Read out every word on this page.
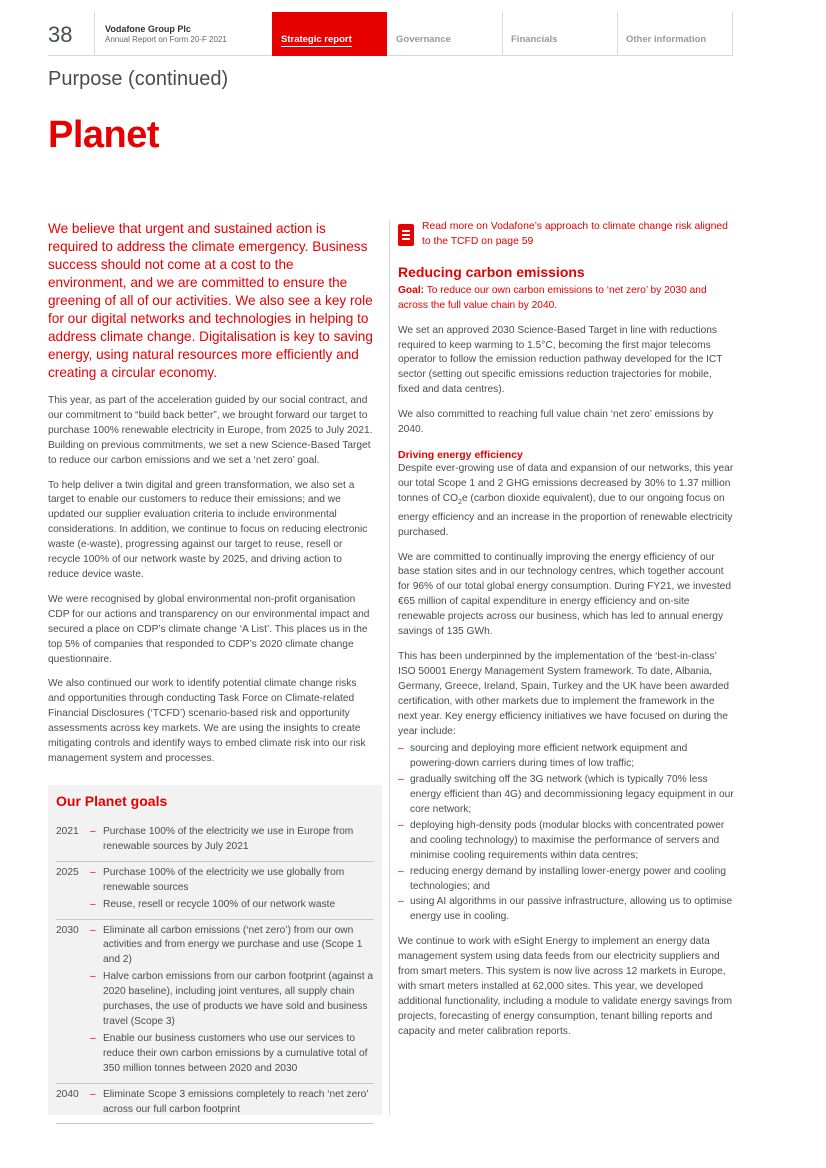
38	Vodafone Group Plc
Annual Report on Form 20-F 2021	Strategic report	Governance	Financials	Other information
Purpose (continued)
Planet
We believe that urgent and sustained action is required to address the climate emergency. Business success should not come at a cost to the environment, and we are committed to ensure the greening of all of our activities. We also see a key role for our digital networks and technologies in helping to address climate change. Digitalisation is key to saving energy, using natural resources more efficiently and creating a circular economy.
This year, as part of the acceleration guided by our social contract, and our commitment to “build back better”, we brought forward our target to purchase 100% renewable electricity in Europe, from 2025 to July 2021. Building on previous commitments, we set a new Science-Based Target to reduce our carbon emissions and we set a ‘net zero’ goal.
To help deliver a twin digital and green transformation, we also set a target to enable our customers to reduce their emissions; and we updated our supplier evaluation criteria to include environmental considerations. In addition, we continue to focus on reducing electronic waste (e-waste), progressing against our target to reuse, resell or recycle 100% of our network waste by 2025, and driving action to reduce device waste.
We were recognised by global environmental non-profit organisation CDP for our actions and transparency on our environmental impact and secured a place on CDP’s climate change ‘A List’. This places us in the top 5% of companies that responded to CDP’s 2020 climate change questionnaire.
We also continued our work to identify potential climate change risks and opportunities through conducting Task Force on Climate-related Financial Disclosures (‘TCFD’) scenario-based risk and opportunity assessments across key markets. We are using the insights to create mitigating controls and identify ways to embed climate risk into our risk management system and processes.
Our Planet goals
2021	– Purchase 100% of the electricity we use in Europe from renewable sources by July 2021
2025	– Purchase 100% of the electricity we use globally from renewable sources
– Reuse, resell or recycle 100% of our network waste
2030	– Eliminate all carbon emissions (‘net zero’) from our own activities and from energy we purchase and use (Scope 1 and 2)
– Halve carbon emissions from our carbon footprint (against a 2020 baseline), including joint ventures, all supply chain purchases, the use of products we have sold and business travel (Scope 3)
– Enable our business customers who use our services to reduce their own carbon emissions by a cumulative total of 350 million tonnes between 2020 and 2030
2040	– Eliminate Scope 3 emissions completely to reach ‘net zero’ across our full carbon footprint
Read more on Vodafone’s approach to climate change risk aligned to the TCFD on page 59
Reducing carbon emissions
Goal: To reduce our own carbon emissions to ‘net zero’ by 2030 and across the full value chain by 2040.
We set an approved 2030 Science-Based Target in line with reductions required to keep warming to 1.5°C, becoming the first major telecoms operator to follow the emission reduction pathway developed for the ICT sector (setting out specific emissions reduction trajectories for mobile, fixed and data centres).
We also committed to reaching full value chain ‘net zero’ emissions by 2040.
Driving energy efficiency
Despite ever-growing use of data and expansion of our networks, this year our total Scope 1 and 2 GHG emissions decreased by 30% to 1.37 million tonnes of $CO_2e$ (carbon dioxide equivalent), due to our ongoing focus on energy efficiency and an increase in the proportion of renewable electricity purchased.
We are committed to continually improving the energy efficiency of our base station sites and in our technology centres, which together account for 96% of our total global energy consumption. During FY21, we invested €65 million of capital expenditure in energy efficiency and on-site renewable projects across our business, which has led to annual energy savings of 135 GWh.
This has been underpinned by the implementation of the ‘best-in-class’ ISO 50001 Energy Management System framework. To date, Albania, Germany, Greece, Ireland, Spain, Turkey and the UK have been awarded certification, with other markets due to implement the framework in the next year. Key energy efficiency initiatives we have focused on during the year include:
– sourcing and deploying more efficient network equipment and powering-down carriers during times of low traffic;
– gradually switching off the 3G network (which is typically 70% less energy efficient than 4G) and decommissioning legacy equipment in our core network;
– deploying high-density pods (modular blocks with concentrated power and cooling technology) to maximise the performance of servers and minimise cooling requirements within data centres;
– reducing energy demand by installing lower-energy power and cooling technologies; and
– using AI algorithms in our passive infrastructure, allowing us to optimise energy use in cooling.
We continue to work with eSight Energy to implement an energy data management system using data feeds from our electricity suppliers and from smart meters. This system is now live across 12 markets in Europe, with smart meters installed at 62,000 sites. This year, we developed additional functionality, including a module to validate energy savings from projects, forecasting of energy consumption, tenant billing reports and capacity and meter calibration reports.
